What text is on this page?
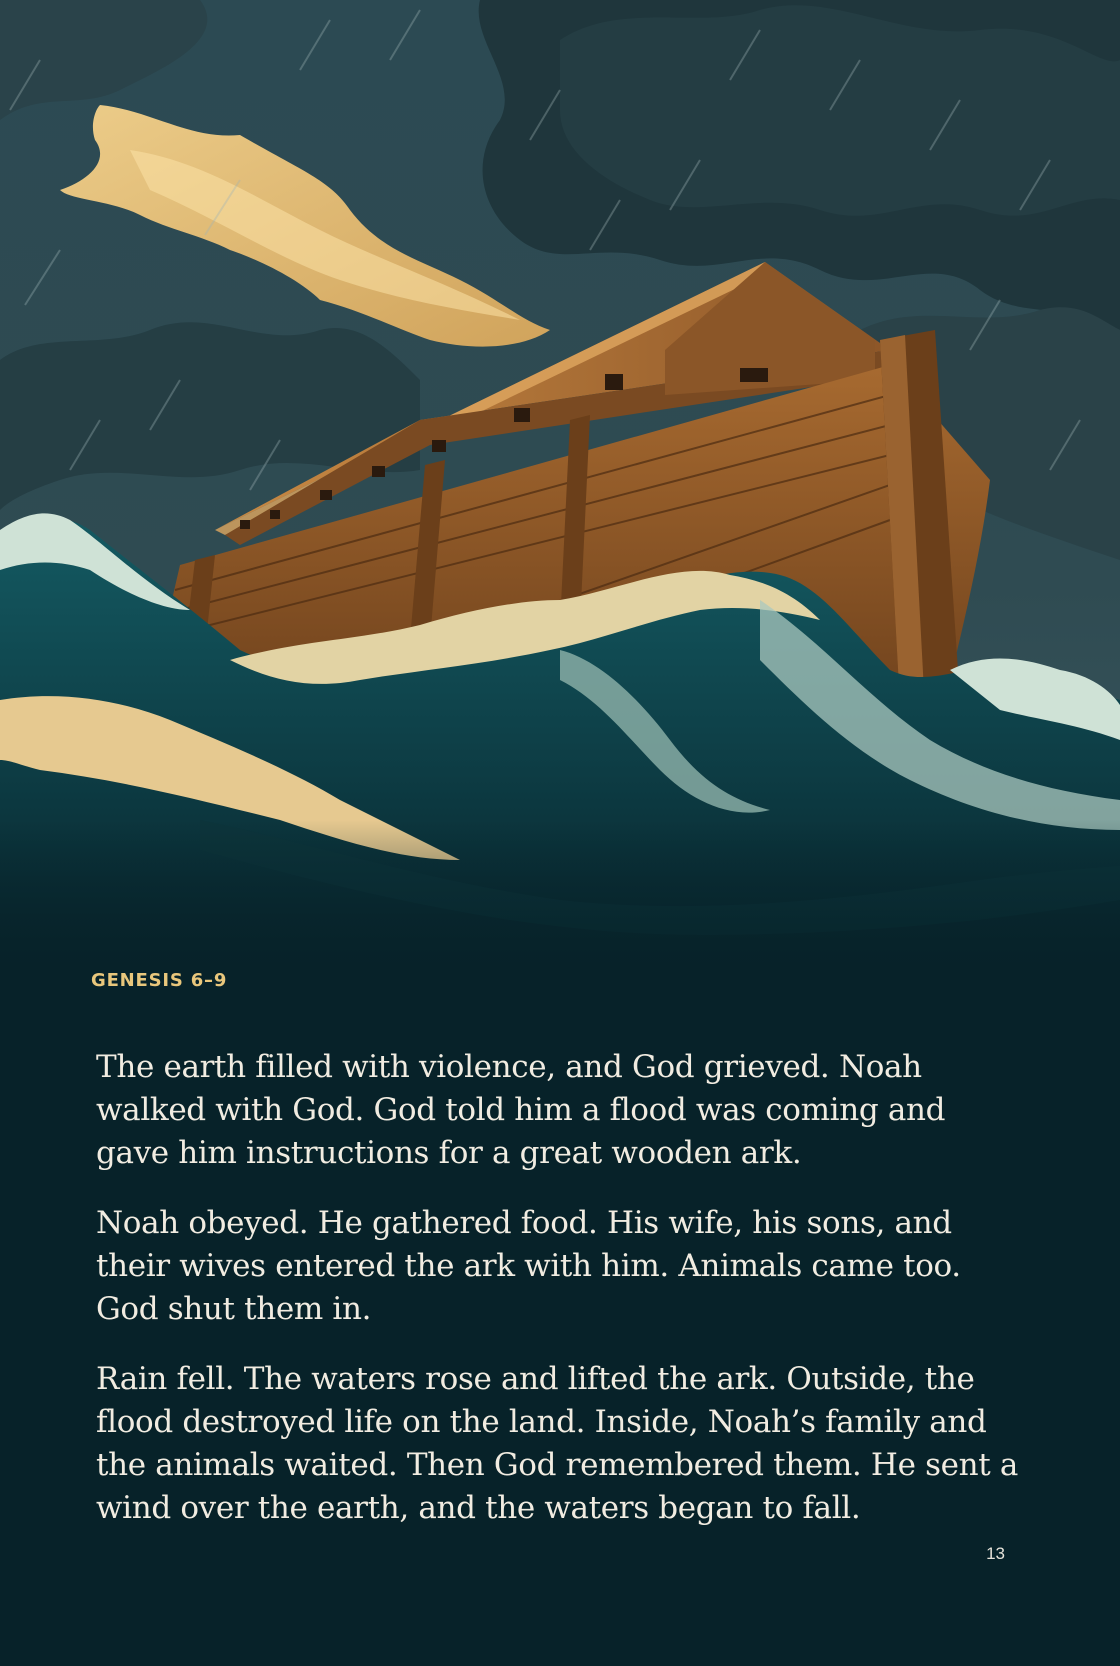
GENESIS 6–9

The earth filled with violence, and God grieved. Noah walked with God. God told him a flood was coming and gave him instructions for a great wooden ark.

Noah obeyed. He gathered food. His wife, his sons, and their wives entered the ark with him. Animals came too. God shut them in.

Rain fell. The waters rose and lifted the ark. Outside, the flood destroyed life on the land. Inside, Noah’s family and the animals waited. Then God remembered them. He sent a wind over the earth, and the waters began to fall.

13
